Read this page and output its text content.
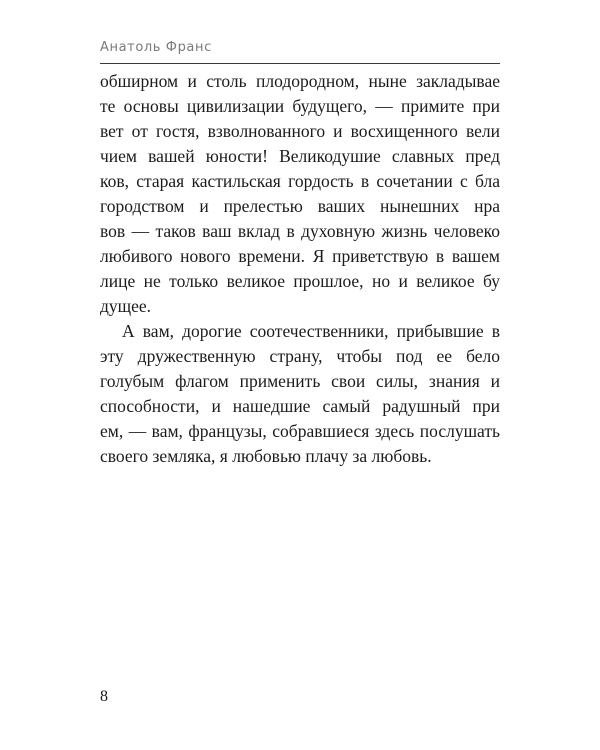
Анатоль Франс
обширном и столь плодородном, ныне закладываe
те основы цивилизации будущего, — примите при
вет от гостя, взволнованного и восхищенного вели
чием вашей юности! Великодушие славных пред
ков, старая кастильская гордость в сочетании с бла
городством и прелестью ваших нынешних нра
вов — таков ваш вклад в духовную жизнь человеко
любивого нового времени. Я приветствую в вашем
лице не только великое прошлое, но и великое бу
дущее.
А вам, дорогие соотечественники, прибывшие в
эту дружественную страну, чтобы под ее бело
голубым флагом применить свои силы, знания и
способности, и нашедшие самый радушный при
ем, — вам, французы, собравшиеся здесь послушать
своего земляка, я любовью плачу за любовь.
8
